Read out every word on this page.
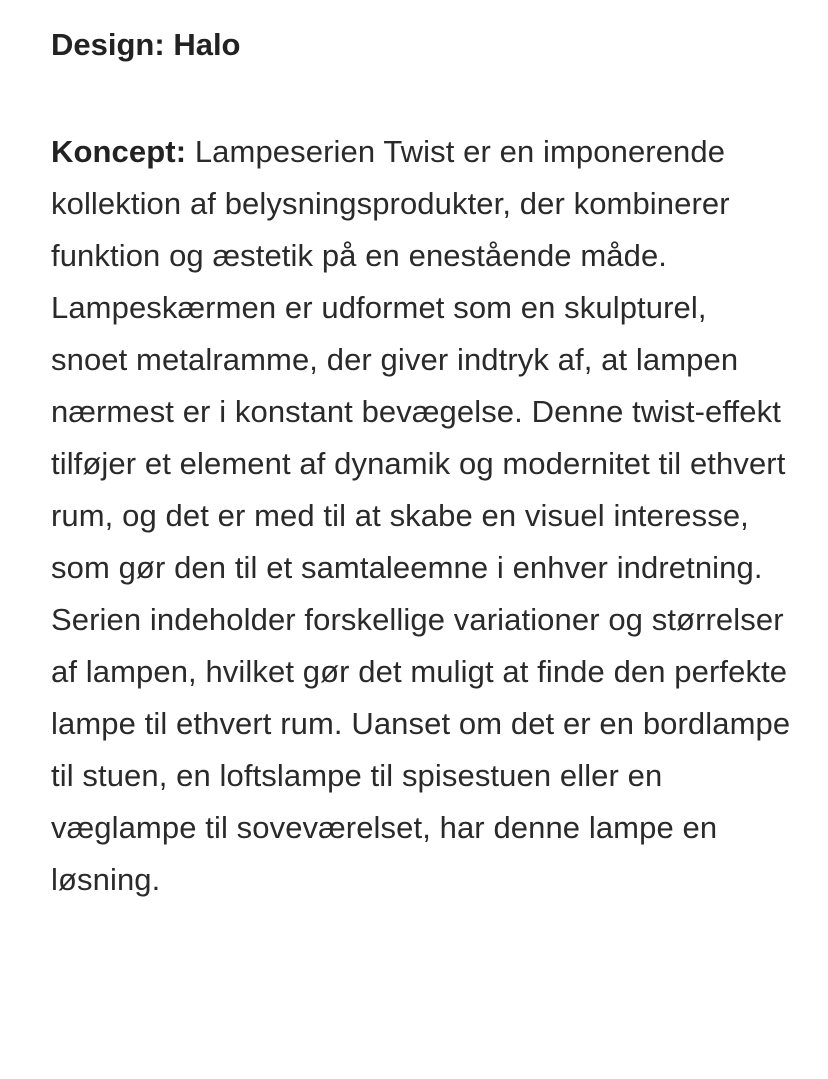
Design: Halo

Koncept: Lampeserien Twist er en imponerende kollektion af belysningsprodukter, der kombinerer funktion og æstetik på en enestående måde. Lampeskærmen er udformet som en skulpturel, snoet metalramme, der giver indtryk af, at lampen nærmest er i konstant bevægelse. Denne twist-effekt tilføjer et element af dynamik og modernitet til ethvert rum, og det er med til at skabe en visuel interesse, som gør den til et samtaleemne i enhver indretning. Serien indeholder forskellige variationer og størrelser af lampen, hvilket gør det muligt at finde den perfekte lampe til ethvert rum. Uanset om det er en bordlampe til stuen, en loftslampe til spisestuen eller en væglampe til soveværelset, har denne lampe en løsning.
